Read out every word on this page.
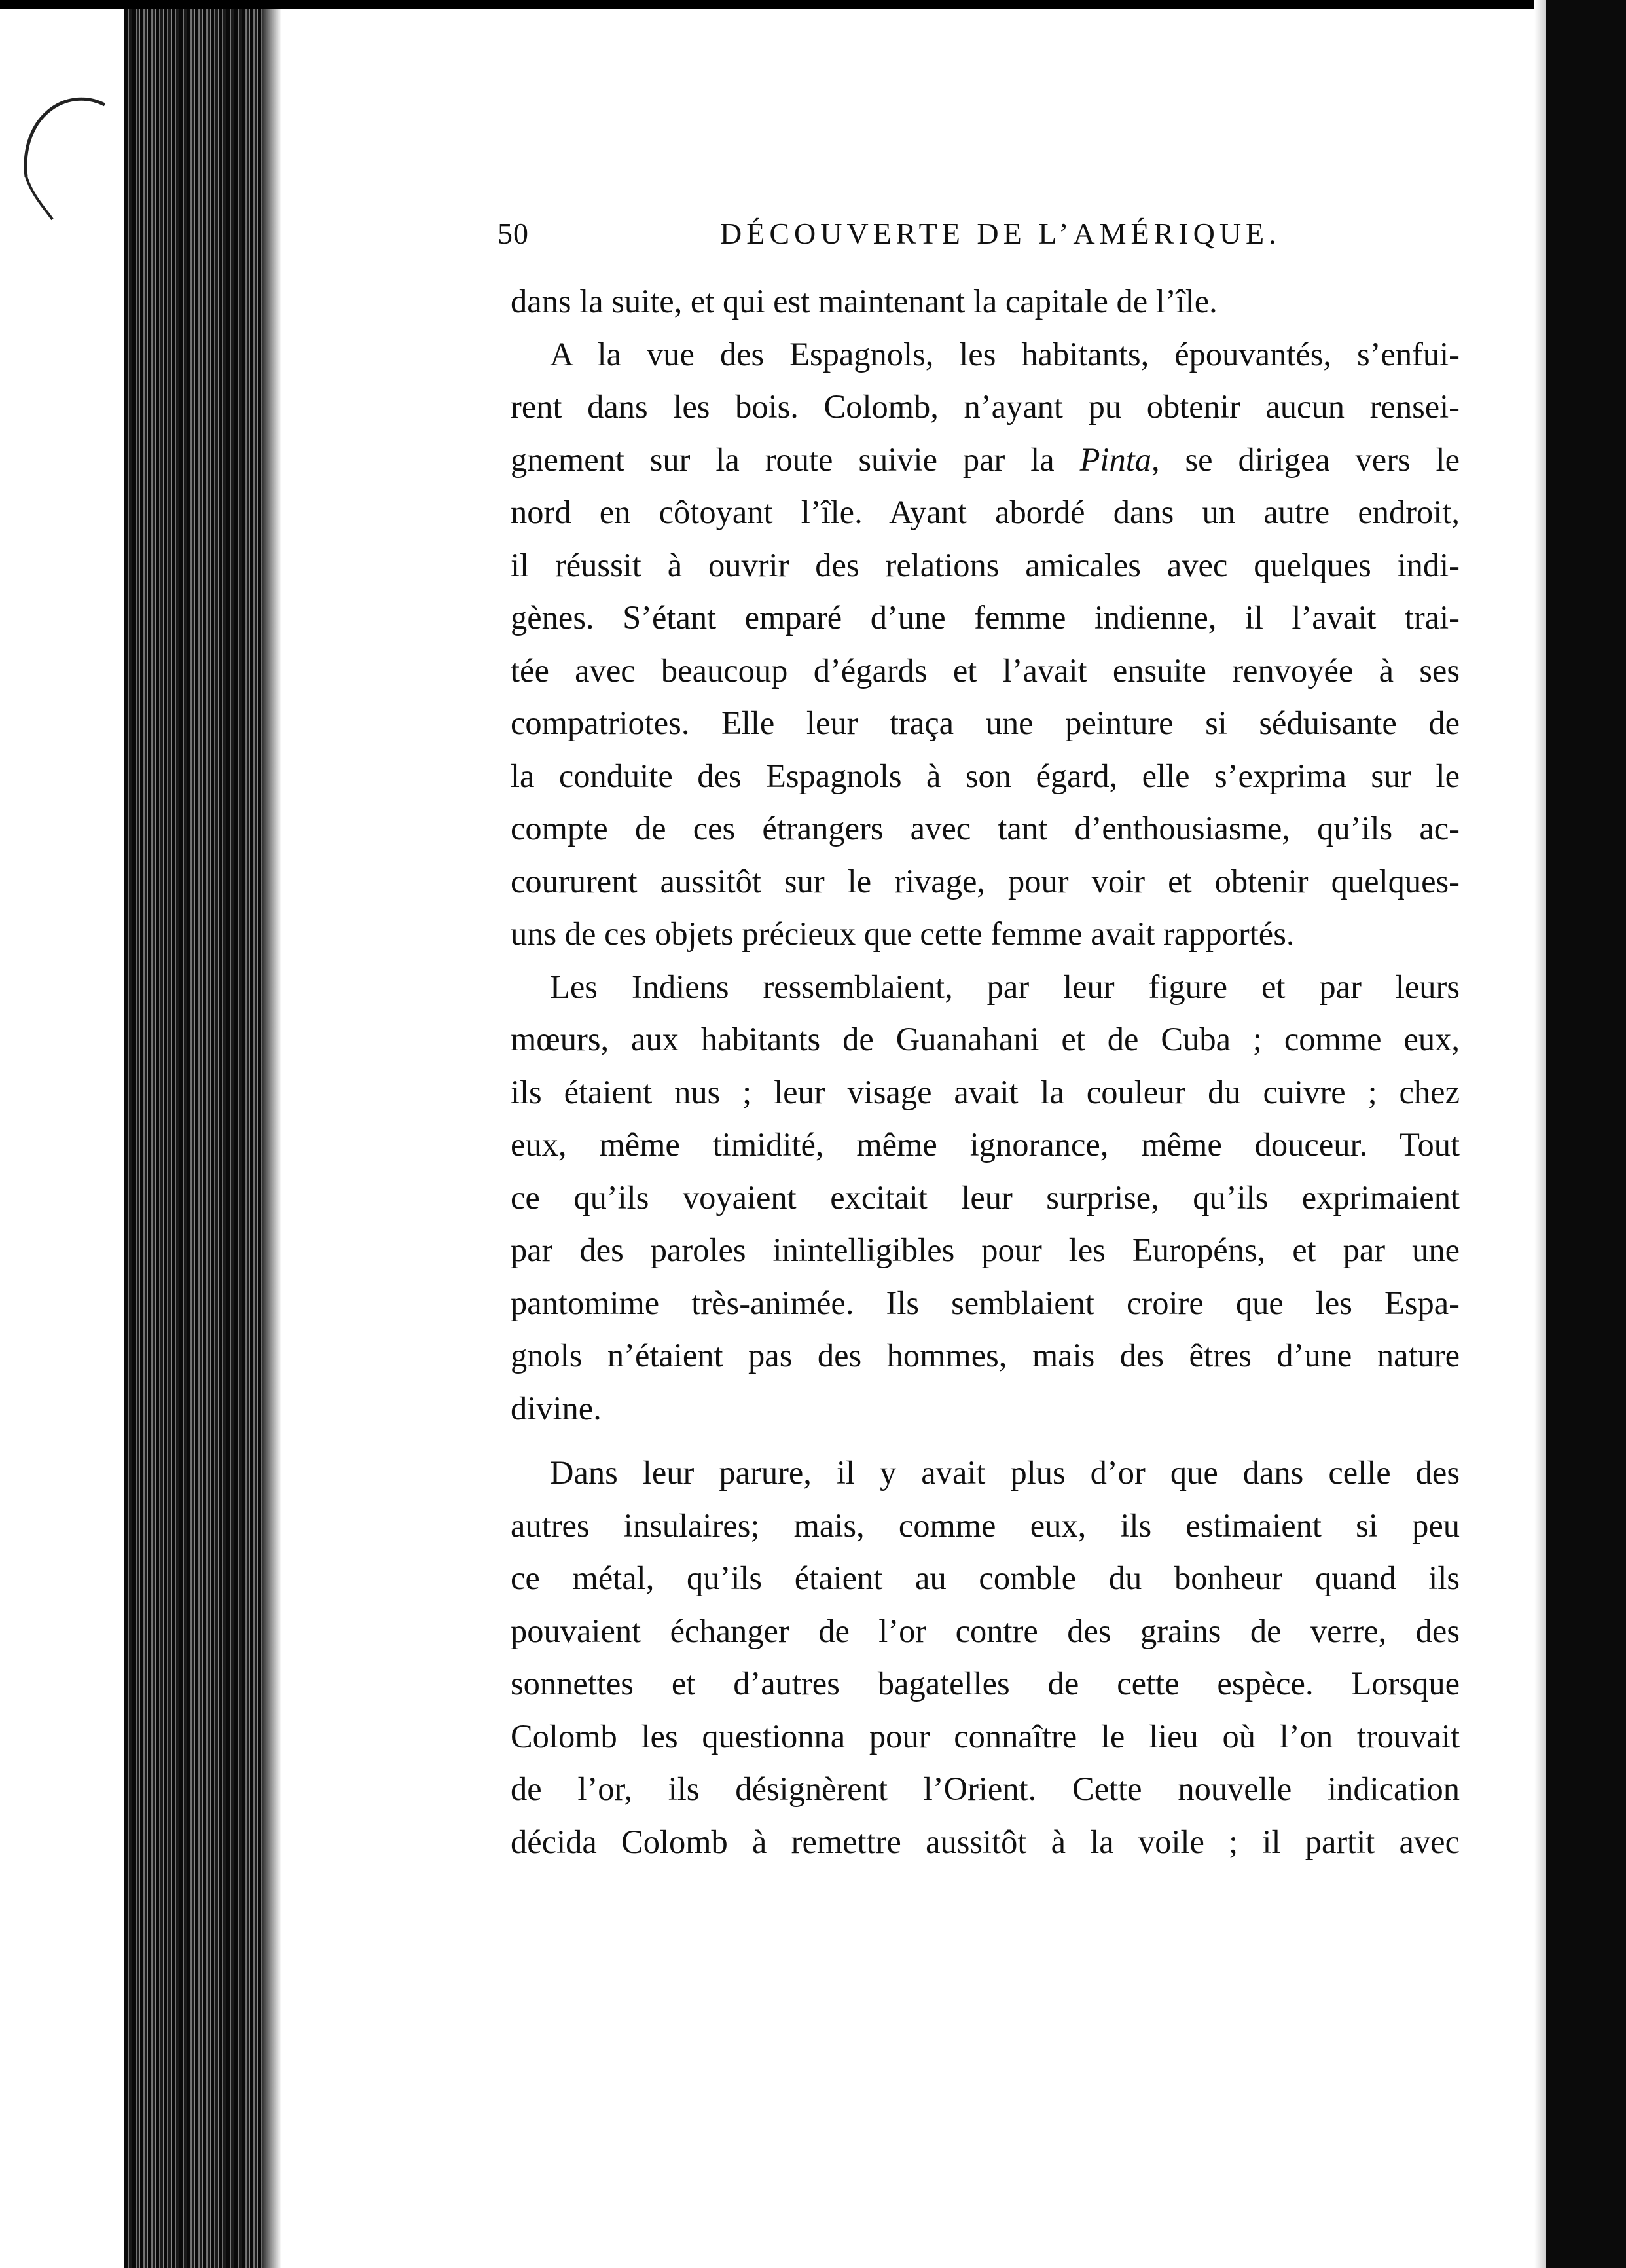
50	DÉCOUVERTE DE L’AMÉRIQUE.
dans la suite, et qui est maintenant la capitale de l’île.
A la vue des Espagnols, les habitants, épouvantés, s’enfui-
rent dans les bois. Colomb, n’ayant pu obtenir aucun rensei-
gnement sur la route suivie par la Pinta, se dirigea vers le
nord en côtoyant l’île. Ayant abordé dans un autre endroit,
il réussit à ouvrir des relations amicales avec quelques indi-
gènes. S’étant emparé d’une femme indienne, il l’avait trai-
tée avec beaucoup d’égards et l’avait ensuite renvoyée à ses
compatriotes. Elle leur traça une peinture si séduisante de
la conduite des Espagnols à son égard, elle s’exprima sur le
compte de ces étrangers avec tant d’enthousiasme, qu’ils ac-
coururent aussitôt sur le rivage, pour voir et obtenir quelques-
uns de ces objets précieux que cette femme avait rapportés.
Les Indiens ressemblaient, par leur figure et par leurs
mœurs, aux habitants de Guanahani et de Cuba ; comme eux,
ils étaient nus ; leur visage avait la couleur du cuivre ; chez
eux, même timidité, même ignorance, même douceur. Tout
ce qu’ils voyaient excitait leur surprise, qu’ils exprimaient
par des paroles inintelligibles pour les Européns, et par une
pantomime très-animée. Ils semblaient croire que les Espa-
gnols n’étaient pas des hommes, mais des êtres d’une nature
divine.
Dans leur parure, il y avait plus d’or que dans celle des
autres insulaires; mais, comme eux, ils estimaient si peu
ce métal, qu’ils étaient au comble du bonheur quand ils
pouvaient échanger de l’or contre des grains de verre, des
sonnettes et d’autres bagatelles de cette espèce. Lorsque
Colomb les questionna pour connaître le lieu où l’on trouvait
de l’or, ils désignèrent l’Orient. Cette nouvelle indication
décida Colomb à remettre aussitôt à la voile ; il partit avec
